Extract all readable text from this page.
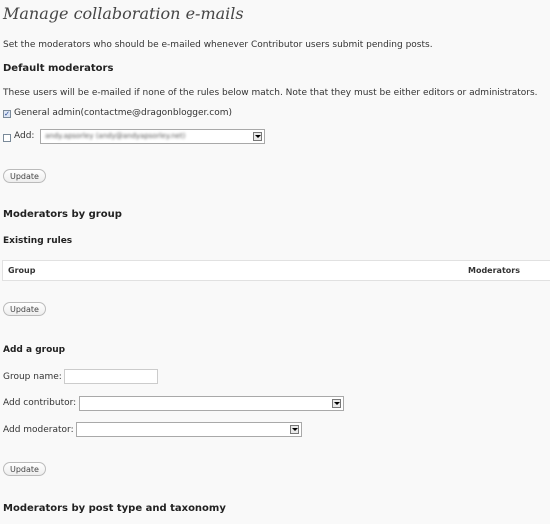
Manage collaboration e-mails
Set the moderators who should be e-mailed whenever Contributor users submit pending posts.
Default moderators
These users will be e-mailed if none of the rules below match. Note that they must be either editors or administrators.
✓ General admin(contactme@dragonblogger.com)
Add: andy.apsorley (andy@andyapsorley.net)
Update
Moderators by group
Existing rules
Group	Moderators
Update
Add a group
Group name:
Add contributor:
Add moderator:
Update
Moderators by post type and taxonomy
